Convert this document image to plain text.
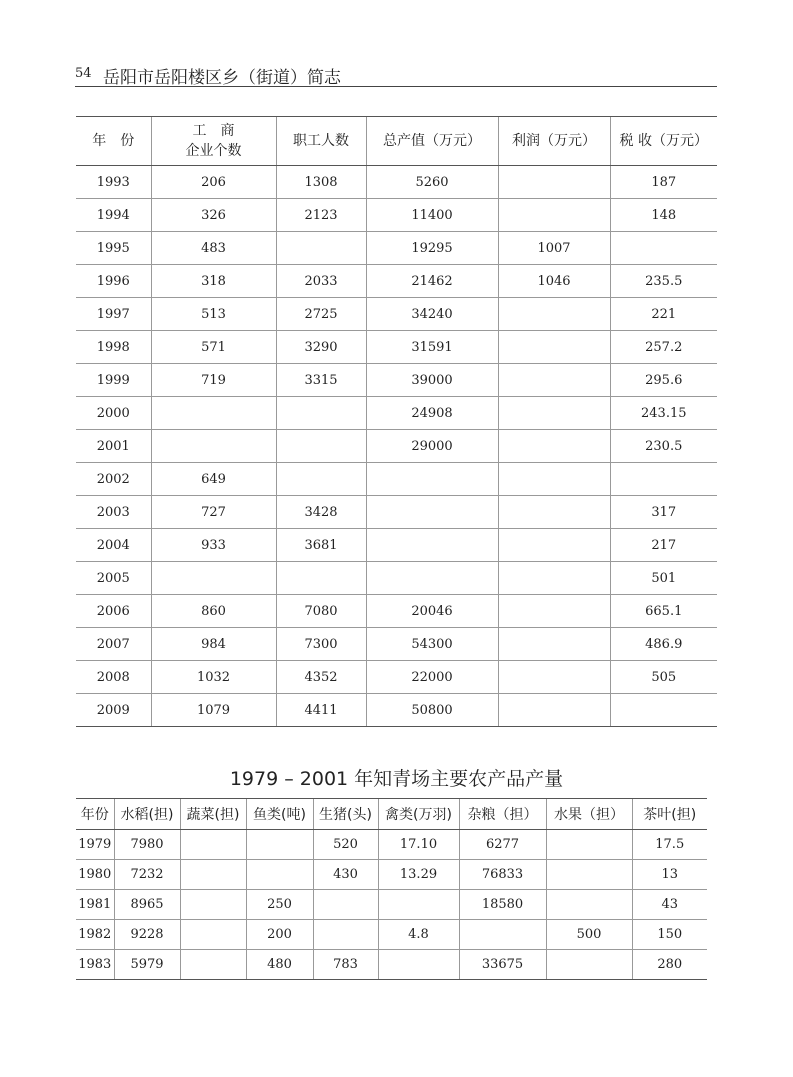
54 岳阳市岳阳楼区乡（街道）简志
年　份	工　商
企业个数	职工人数	总产值（万元）	利润（万元）	税 收（万元）

1993	206	1308	5260		187
1994	326	2123	11400		148
1995	483		19295	1007	
1996	318	2033	21462	1046	235.5
1997	513	2725	34240		221
1998	571	3290	31591		257.2
1999	719	3315	39000		295.6
2000			24908		243.15
2001			29000		230.5
2002	649				
2003	727	3428			317
2004	933	3681			217
2005					501
2006	860	7080	20046		665.1
2007	984	7300	54300		486.9
2008	1032	4352	22000		505
2009	1079	4411	50800		
1979 – 2001 年知青场主要农产品产量
年份	水稻(担)	蔬菜(担)	鱼类(吨)	生猪(头)	禽类(万羽)	杂粮（担）	水果（担）	茶叶(担)
1979	7980			520	17.10	6277		17.5
1980	7232			430	13.29	76833		13
1981	8965		250			18580		43
1982	9228		200		4.8		500	150
1983	5979		480	783		33675		280
